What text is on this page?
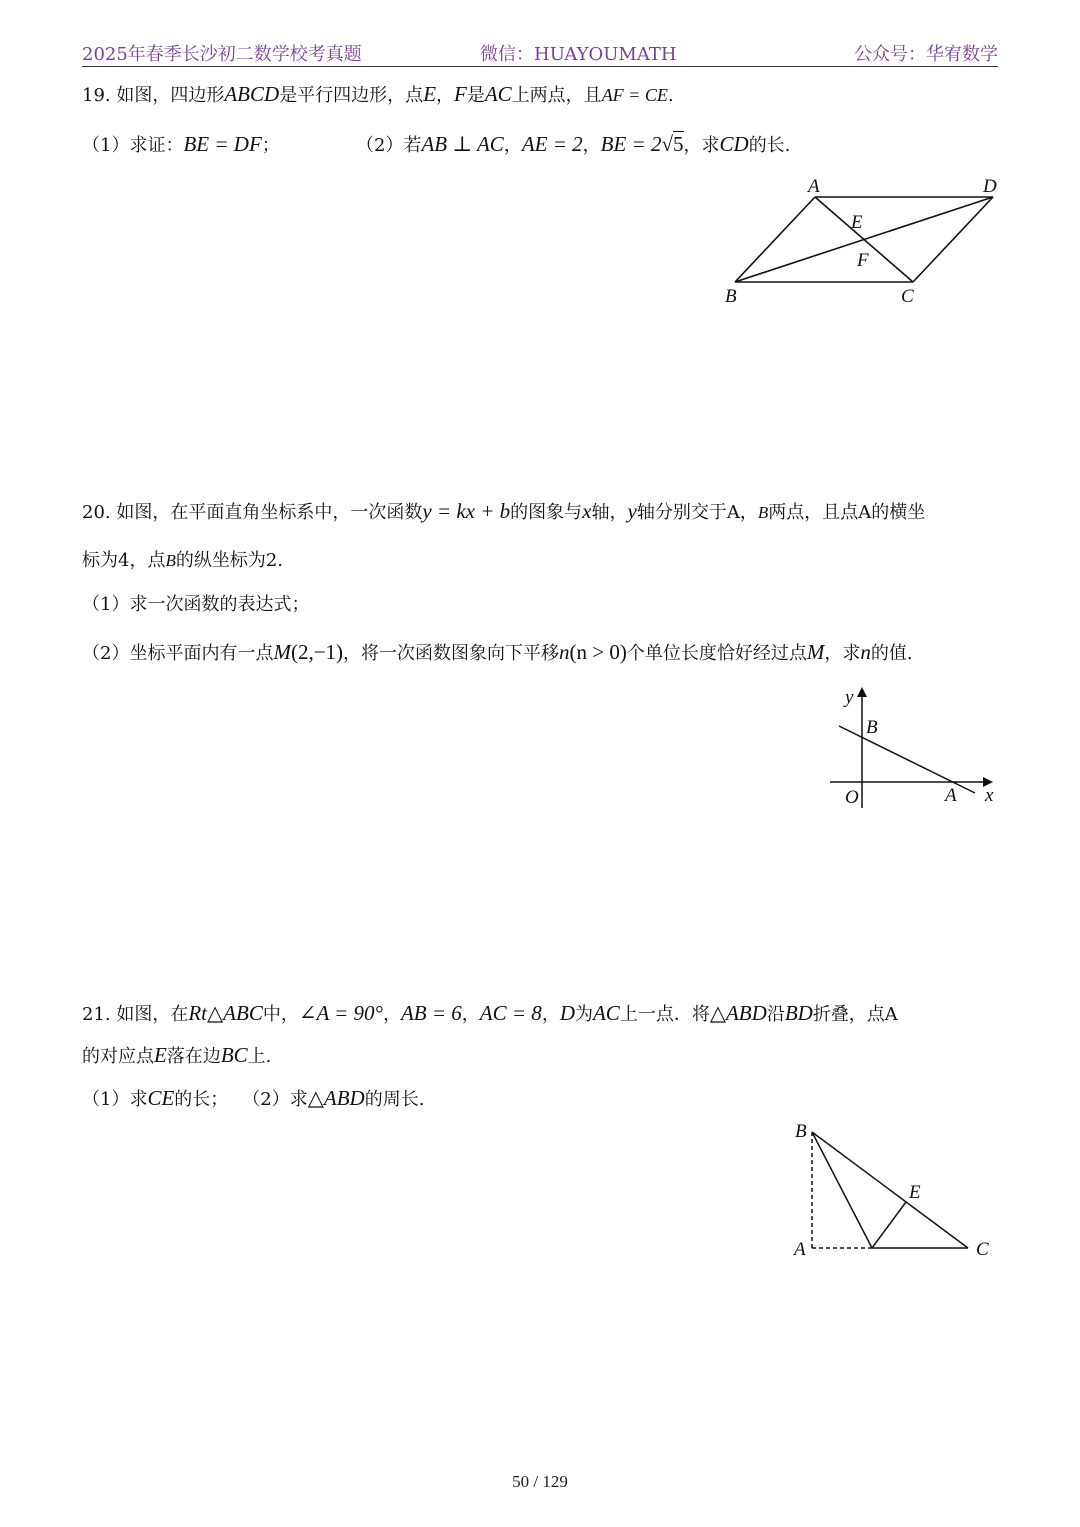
2025年春季长沙初二数学校考真题	微信：HUAYOUMATH	公众号：华宥数学
19. 如图，四边形ABCD是平行四边形，点E，F是AC上两点，且AF = CE.
（1）求证：BE = DF；	（2）若AB ⊥ AC，AE = 2，BE = 2√5，求CD的长.
A	D
E
F
B	C
20. 如图，在平面直角坐标系中，一次函数y = kx + b的图象与x轴，y轴分别交于A，B两点，且点A的横坐
标为4，点B的纵坐标为2.
（1）求一次函数的表达式；
（2）坐标平面内有一点M(2,−1)，将一次函数图象向下平移n(n > 0)个单位长度恰好经过点M，求n的值.
y
x
O	A
B
21. 如图，在Rt△ABC中，∠A = 90°，AB = 6，AC = 8，D为AC上一点．将△ABD沿BD折叠，点A
的对应点E落在边BC上.
（1）求CE的长； （2）求△ABD的周长.
B
A	C
E
50 / 129
